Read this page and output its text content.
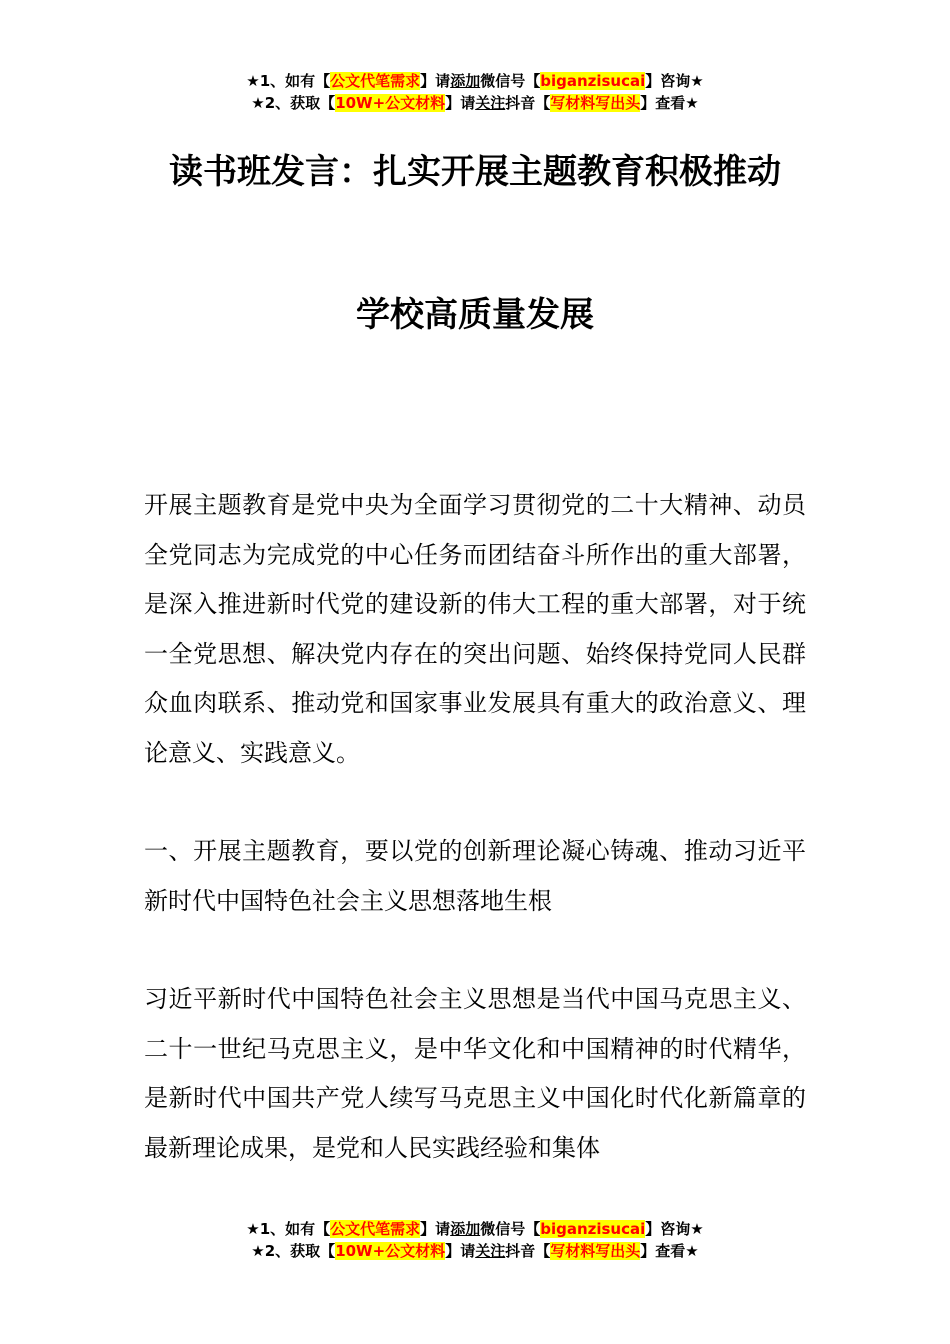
★1、如有【公文代笔需求】请添加微信号【biganzisucai】咨询★
★2、获取【10W+公文材料】请关注抖音【写材料写出头】查看★
读书班发言：扎实开展主题教育积极推动
学校高质量发展
开展主题教育是党中央为全面学习贯彻党的二十大精神、动员全党同志为完成党的中心任务而团结奋斗所作出的重大部署，是深入推进新时代党的建设新的伟大工程的重大部署，对于统一全党思想、解决党内存在的突出问题、始终保持党同人民群众血肉联系、推动党和国家事业发展具有重大的政治意义、理论意义、实践意义。
一、开展主题教育，要以党的创新理论凝心铸魂、推动习近平新时代中国特色社会主义思想落地生根
习近平新时代中国特色社会主义思想是当代中国马克思主义、二十一世纪马克思主义，是中华文化和中国精神的时代精华，是新时代中国共产党人续写马克思主义中国化时代化新篇章的最新理论成果，是党和人民实践经验和集体
★1、如有【公文代笔需求】请添加微信号【biganzisucai】咨询★
★2、获取【10W+公文材料】请关注抖音【写材料写出头】查看★
